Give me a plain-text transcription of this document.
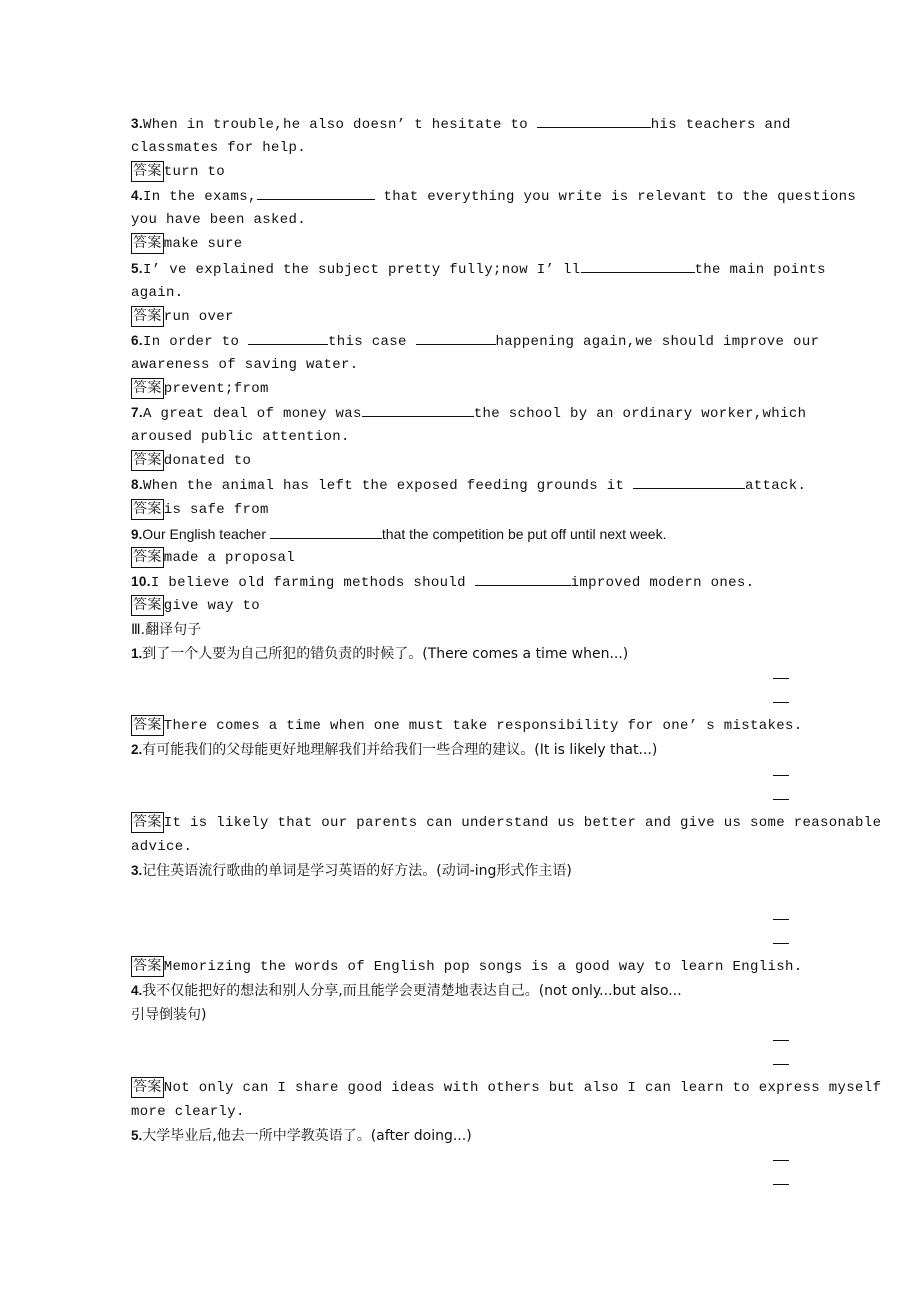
3.When in trouble,he also doesn’ t hesitate to	his teachers and
classmates for help.
答案 turn to
4.In the exams,	that everything you write is relevant to the questions
you have been asked.
答案 make sure
5.I’ ve explained the subject pretty fully;now I’ ll	the main points
again.
答案 run over
6.In order to	this case	happening again,we should improve our
awareness of saving water.
答案 prevent;from
7.A great deal of money was	the school by an ordinary worker,which
aroused public attention.
答案 donated to
8.When the animal has left the exposed feeding grounds it	attack.
答案 is safe from
9.Our English teacher	that the competition be put off until next week.
答案 made a proposal
10.I believe old farming methods should	improved modern ones.
答案 give way to
Ⅲ.翻译句子
1.到了一个人要为自己所犯的错负责的时候了。(There comes a time when...)
答案 There comes a time when one must take responsibility for one’ s mistakes.
2.有可能我们的父母能更好地理解我们并给我们一些合理的建议。(It is likely that...)
答案 It is likely that our parents can understand us better and give us some reasonable
advice.
3.记住英语流行歌曲的单词是学习英语的好方法。(动词-ing形式作主语)
答案 Memorizing the words of English pop songs is a good way to learn English.
4.我不仅能把好的想法和别人分享,而且能学会更清楚地表达自己。(not only...but also...
引导倒装句)
答案 Not only can I share good ideas with others but also I can learn to express myself
more clearly.
5.大学毕业后,他去一所中学教英语了。(after doing...)
